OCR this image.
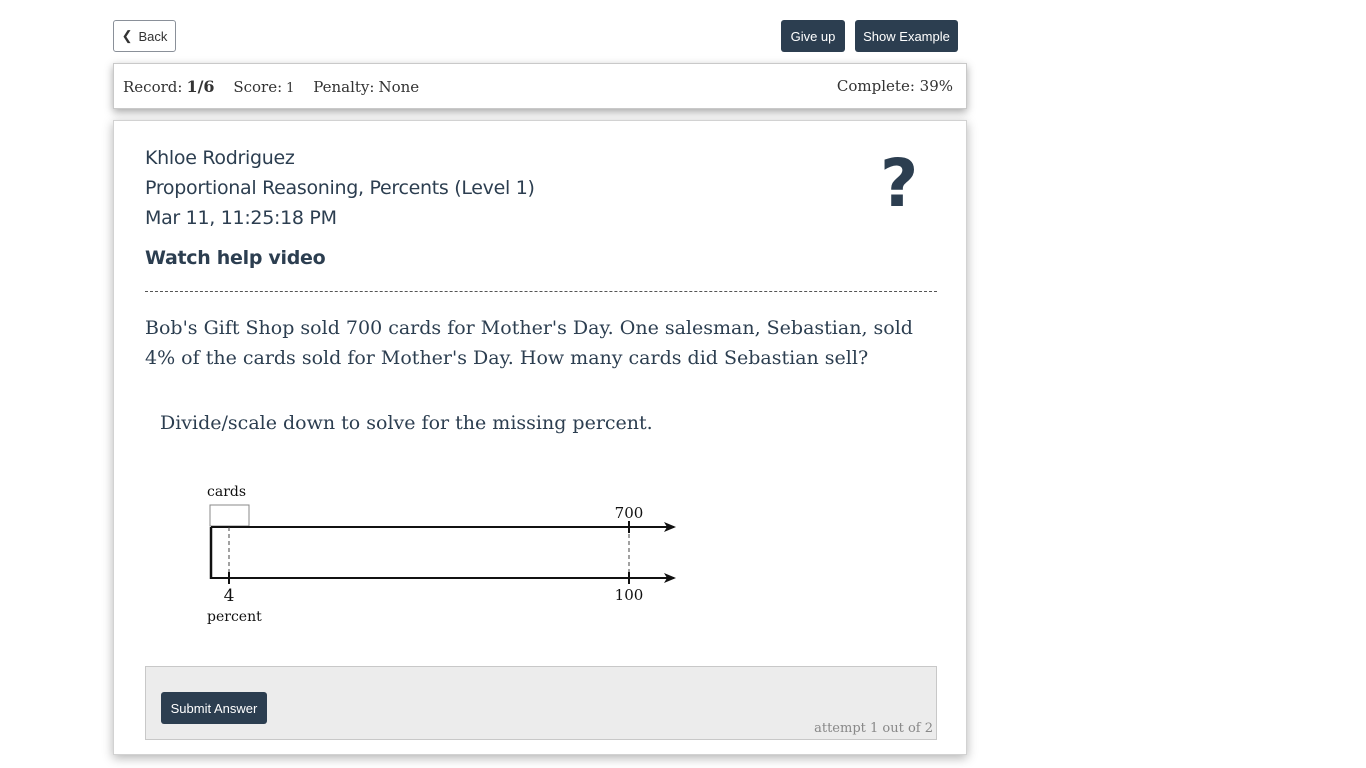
❮ Back	Give up	Show Example
Record: 1/6 Score: 1 Penalty: None	Complete: 39%
Khloe Rodriguez
Proportional Reasoning, Percents (Level 1)
Mar 11, 11:25:18 PM
Watch help video
?
Bob's Gift Shop sold 700 cards for Mother's Day. One salesman, Sebastian, sold 4% of the cards sold for Mother's Day. How many cards did Sebastian sell?
Divide/scale down to solve for the missing percent.
cards
700
4	100
percent
Submit Answer
attempt 1 out of 2
